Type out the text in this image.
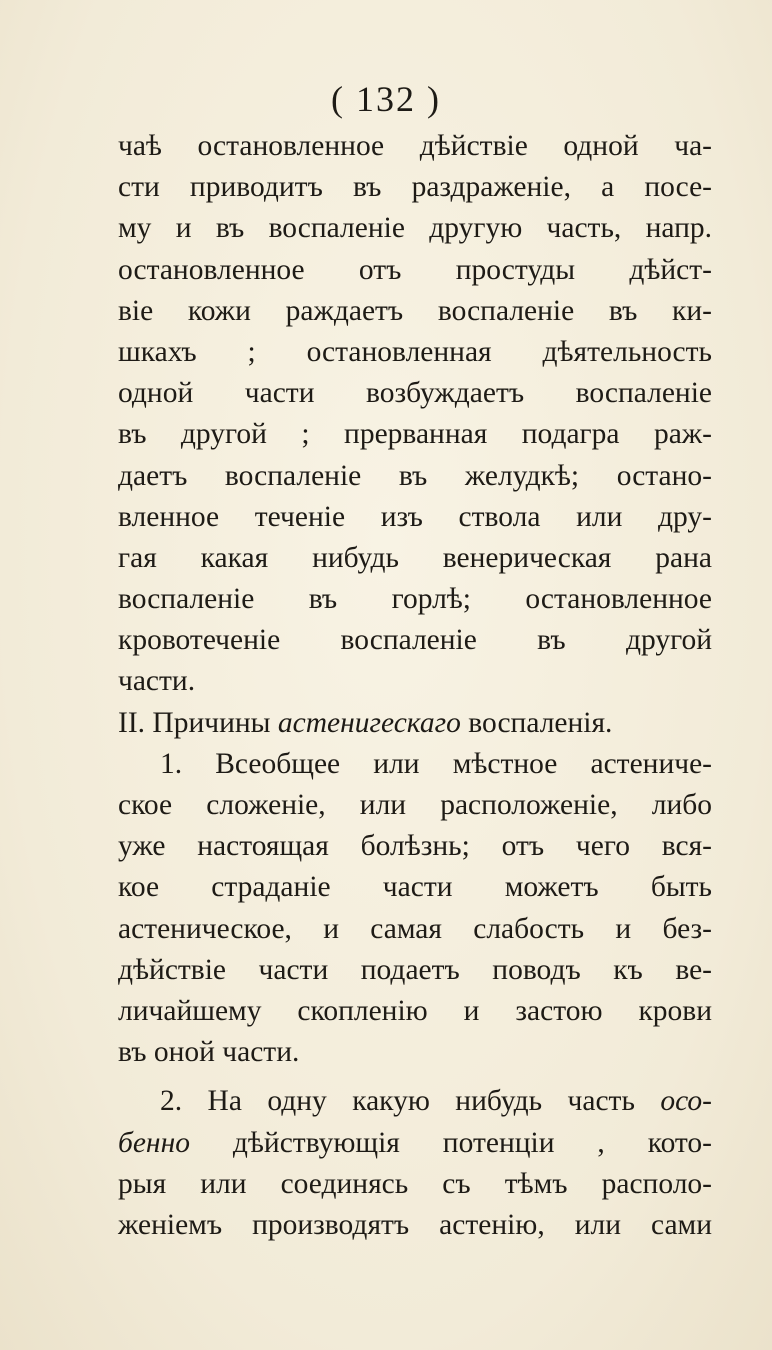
( 132 )
чаѣ остановленное дѣйствіе одной ча-
сти приводитъ въ раздраженіе, а посе-
му и въ воспаленіе другую часть, напр.
остановленное отъ простуды дѣйст-
віе кожи раждаетъ воспаленіе въ ки-
шкахъ ; остановленная дѣятельность
одной части возбуждаетъ воспаленіе
въ другой ; прерванная подагра раж-
даетъ воспаленіе въ желудкѣ; остано-
вленное теченіе изъ ствола или дру-
гая какая нибудь венерическая рана
воспаленіе въ горлѣ; остановленное
кровотеченіе воспаленіе въ другой
части.
II. Причины астенигескаго воспаленія.
1. Всеобщее или мѣстное астениче-
ское сложеніе, или расположеніе, либо
уже настоящая болѣзнь; отъ чего вся-
кое страданіе части можетъ быть
астеническое, и самая слабость и без-
дѣйствіе части подаетъ поводъ къ ве-
личайшему скопленію и застою крови
въ оной части.
2. На одну какую нибудь часть осо-
бенно дѣйствующія потенціи , кото-
рыя или соединясь съ тѣмъ располо-
женіемъ производятъ астенію, или сами
